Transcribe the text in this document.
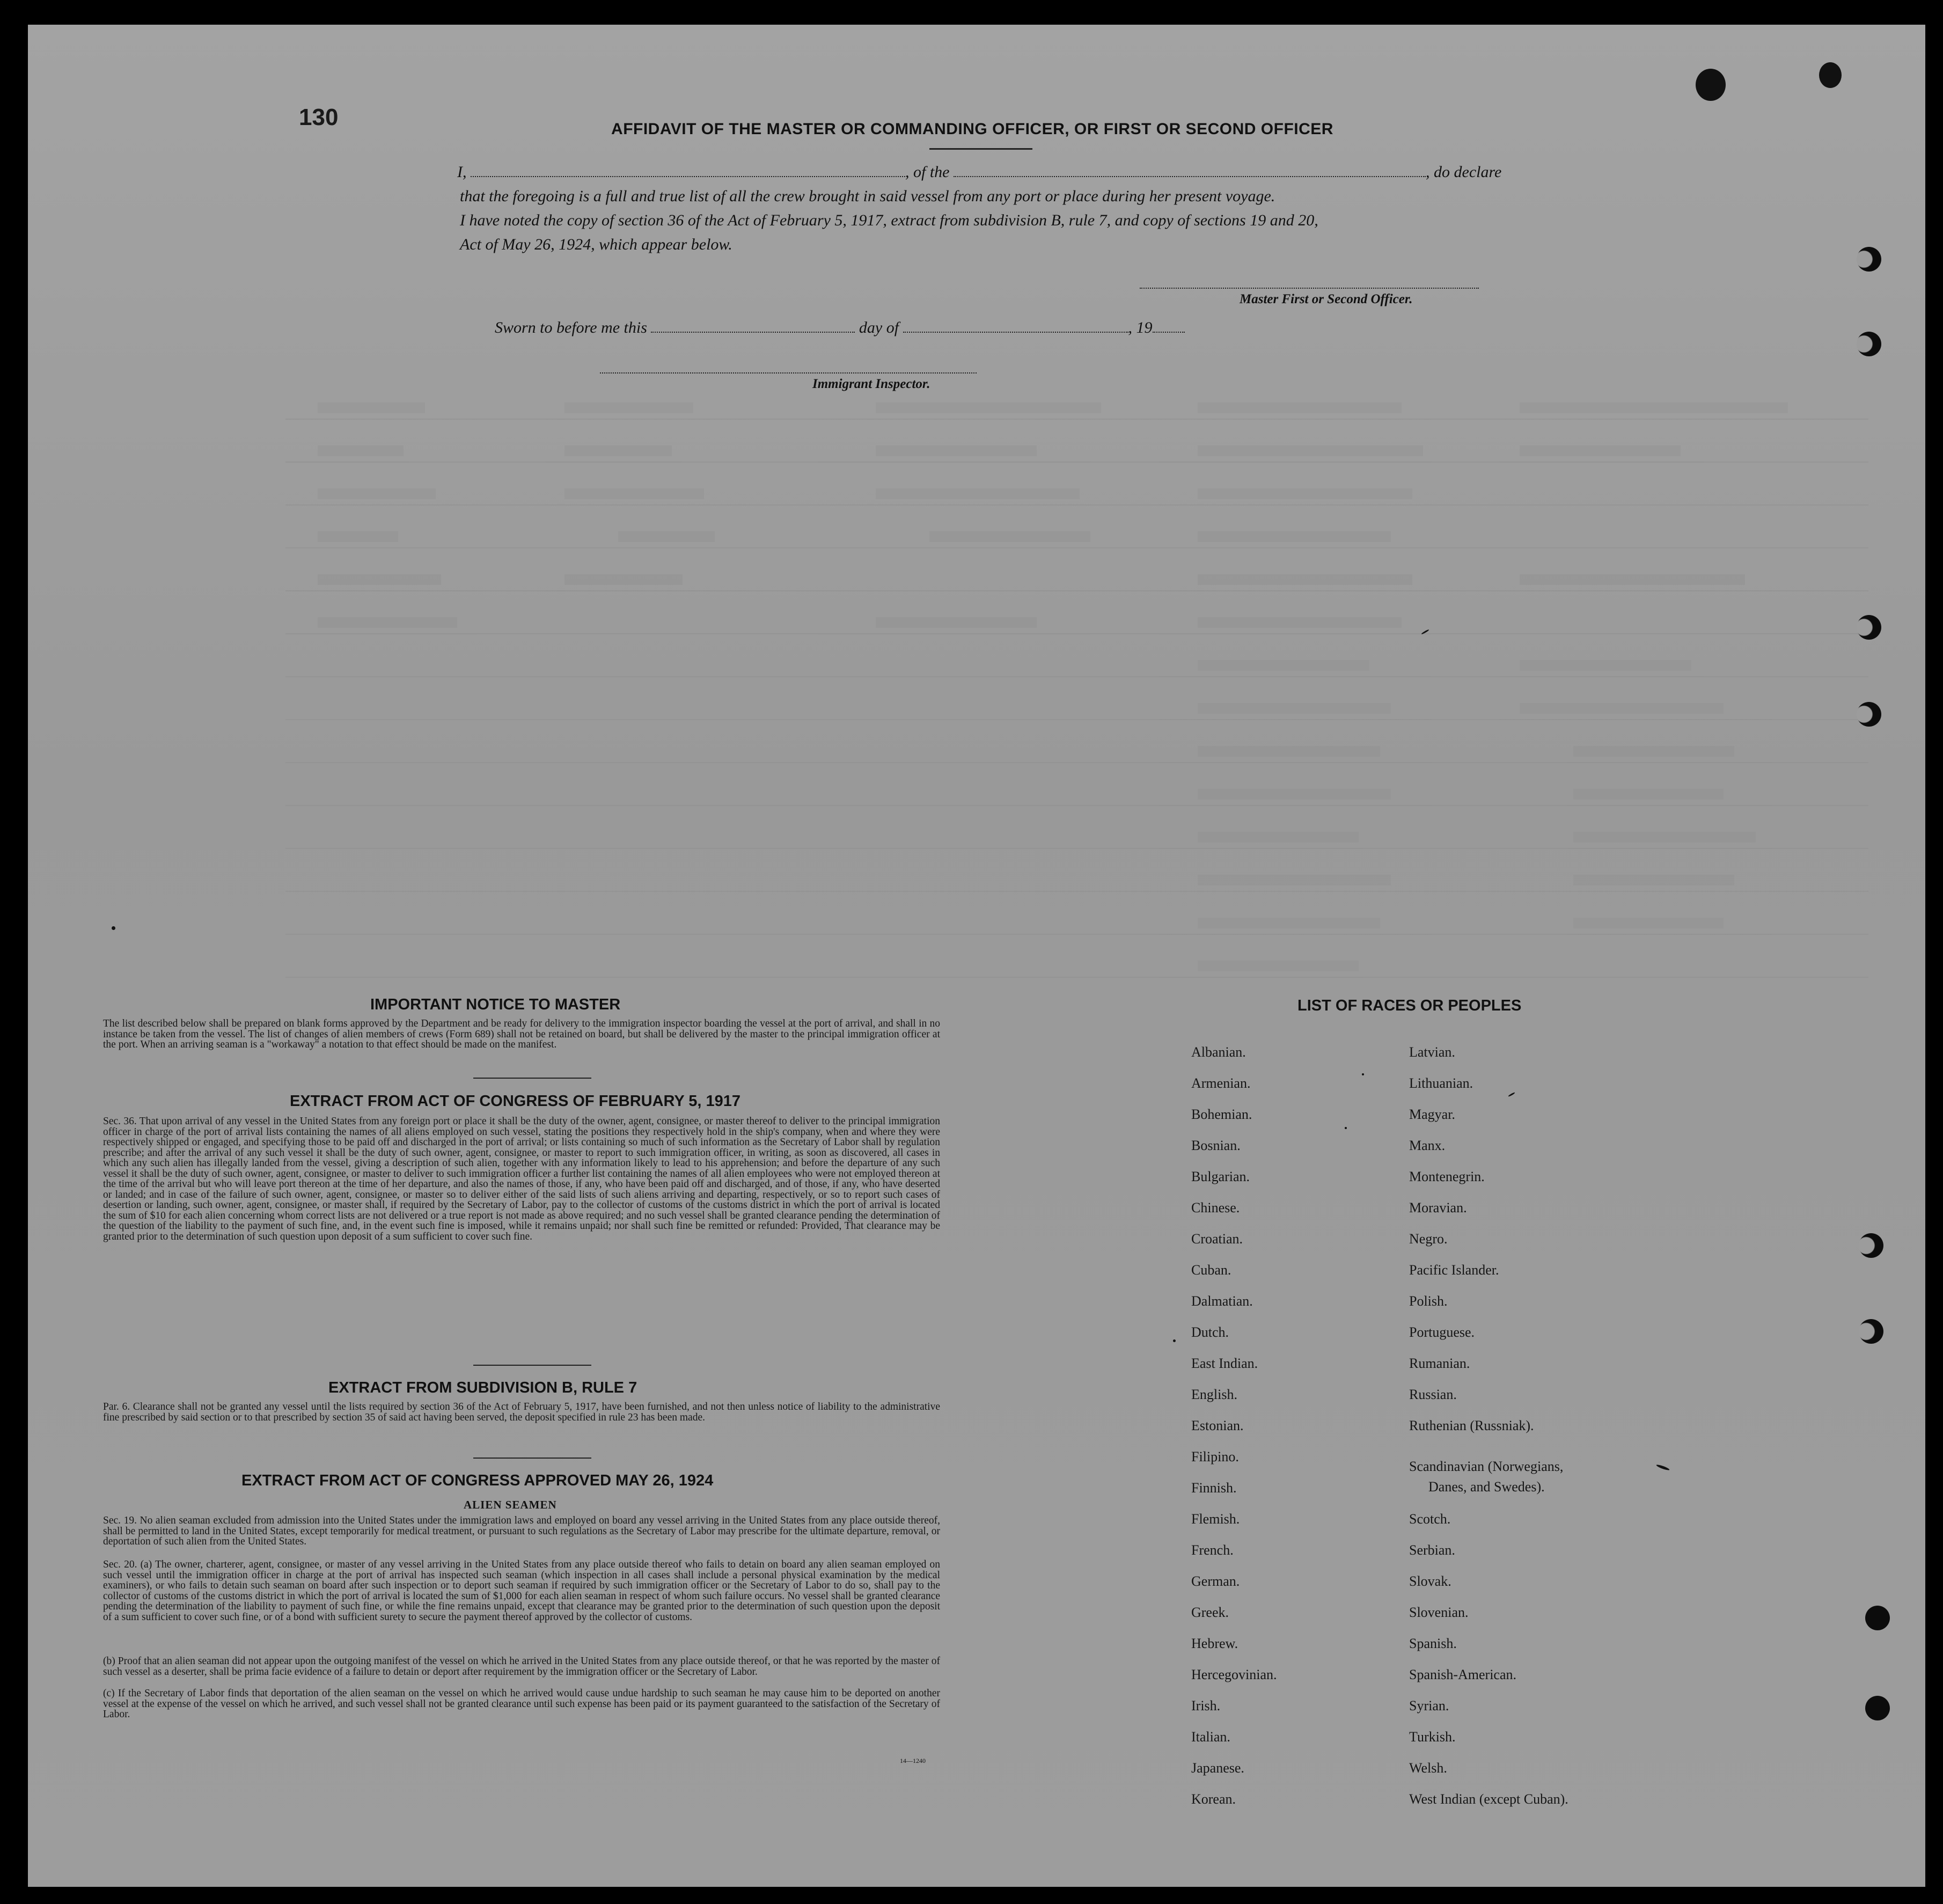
130	AFFIDAVIT OF THE MASTER OR COMMANDING OFFICER, OR FIRST OR SECOND OFFICER
I,	, of the	, do declare
that the foregoing is a full and true list of all the crew brought in said vessel from any port or place during her present voyage.
I have noted the copy of section 36 of the Act of February 5, 1917, extract from subdivision B, rule 7, and copy of sections 19 and 20,
Act of May 26, 1924, which appear below.
Master First or Second Officer.
Sworn to before me this	day of	, 19
Immigrant Inspector.
IMPORTANT NOTICE TO MASTER
The list described below shall be prepared on blank forms approved by the Department and be ready for delivery to the immigration inspector boarding the vessel at the port of arrival, and shall in no instance be taken from the vessel. The list of changes of alien members of crews (Form 689) shall not be retained on board, but shall be delivered by the master to the principal immigration officer at the port. When an arriving seaman is a "workaway" a notation to that effect should be made on the manifest.
EXTRACT FROM ACT OF CONGRESS OF FEBRUARY 5, 1917
Sec. 36. That upon arrival of any vessel in the United States from any foreign port or place it shall be the duty of the owner, agent, consignee, or master thereof to deliver to the principal immigration officer in charge of the port of arrival lists containing the names of all aliens employed on such vessel, stating the positions they respectively hold in the ship's company, when and where they were respectively shipped or engaged, and specifying those to be paid off and discharged in the port of arrival; or lists containing so much of such information as the Secretary of Labor shall by regulation prescribe; and after the arrival of any such vessel it shall be the duty of such owner, agent, consignee, or master to report to such immigration officer, in writing, as soon as discovered, all cases in which any such alien has illegally landed from the vessel, giving a description of such alien, together with any information likely to lead to his apprehension; and before the departure of any such vessel it shall be the duty of such owner, agent, consignee, or master to deliver to such immigration officer a further list containing the names of all alien employees who were not employed thereon at the time of the arrival but who will leave port thereon at the time of her departure, and also the names of those, if any, who have been paid off and discharged, and of those, if any, who have deserted or landed; and in case of the failure of such owner, agent, consignee, or master so to deliver either of the said lists of such aliens arriving and departing, respectively, or so to report such cases of desertion or landing, such owner, agent, consignee, or master shall, if required by the Secretary of Labor, pay to the collector of customs of the customs district in which the port of arrival is located the sum of $10 for each alien concerning whom correct lists are not delivered or a true report is not made as above required; and no such vessel shall be granted clearance pending the determination of the question of the liability to the payment of such fine, and, in the event such fine is imposed, while it remains unpaid; nor shall such fine be remitted or refunded: Provided, That clearance may be granted prior to the determination of such question upon deposit of a sum sufficient to cover such fine.
EXTRACT FROM SUBDIVISION B, RULE 7
Par. 6. Clearance shall not be granted any vessel until the lists required by section 36 of the Act of February 5, 1917, have been furnished, and not then unless notice of liability to the administrative fine prescribed by said section or to that prescribed by section 35 of said act having been served, the deposit specified in rule 23 has been made.
EXTRACT FROM ACT OF CONGRESS APPROVED MAY 26, 1924
ALIEN SEAMEN
Sec. 19. No alien seaman excluded from admission into the United States under the immigration laws and employed on board any vessel arriving in the United States from any place outside thereof, shall be permitted to land in the United States, except temporarily for medical treatment, or pursuant to such regulations as the Secretary of Labor may prescribe for the ultimate departure, removal, or deportation of such alien from the United States.
Sec. 20. (a) The owner, charterer, agent, consignee, or master of any vessel arriving in the United States from any place outside thereof who fails to detain on board any alien seaman employed on such vessel until the immigration officer in charge at the port of arrival has inspected such seaman (which inspection in all cases shall include a personal physical examination by the medical examiners), or who fails to detain such seaman on board after such inspection or to deport such seaman if required by such immigration officer or the Secretary of Labor to do so, shall pay to the collector of customs of the customs district in which the port of arrival is located the sum of $1,000 for each alien seaman in respect of whom such failure occurs. No vessel shall be granted clearance pending the determination of the liability to payment of such fine, or while the fine remains unpaid, except that clearance may be granted prior to the determination of such question upon the deposit of a sum sufficient to cover such fine, or of a bond with sufficient surety to secure the payment thereof approved by the collector of customs.
(b) Proof that an alien seaman did not appear upon the outgoing manifest of the vessel on which he arrived in the United States from any place outside thereof, or that he was reported by the master of such vessel as a deserter, shall be prima facie evidence of a failure to detain or deport after requirement by the immigration officer or the Secretary of Labor.
(c) If the Secretary of Labor finds that deportation of the alien seaman on the vessel on which he arrived would cause undue hardship to such seaman he may cause him to be deported on another vessel at the expense of the vessel on which he arrived, and such vessel shall not be granted clearance until such expense has been paid or its payment guaranteed to the satisfaction of the Secretary of Labor.
14—1240
LIST OF RACES OR PEOPLES
Albanian.
Armenian.
Bohemian.
Bosnian.
Bulgarian.
Chinese.
Croatian.
Cuban.
Dalmatian.
Dutch.
East Indian.
English.
Estonian.
Filipino.
Finnish.
Flemish.
French.
German.
Greek.
Hebrew.
Hercegovinian.
Irish.
Italian.
Japanese.
Korean.
Latvian.
Lithuanian.
Magyar.
Manx.
Montenegrin.
Moravian.
Negro.
Pacific Islander.
Polish.
Portuguese.
Rumanian.
Russian.
Ruthenian (Russniak).
Scandinavian (Norwegians,
Danes, and Swedes).
Scotch.
Serbian.
Slovak.
Slovenian.
Spanish.
Spanish-American.
Syrian.
Turkish.
Welsh.
West Indian (except Cuban).
